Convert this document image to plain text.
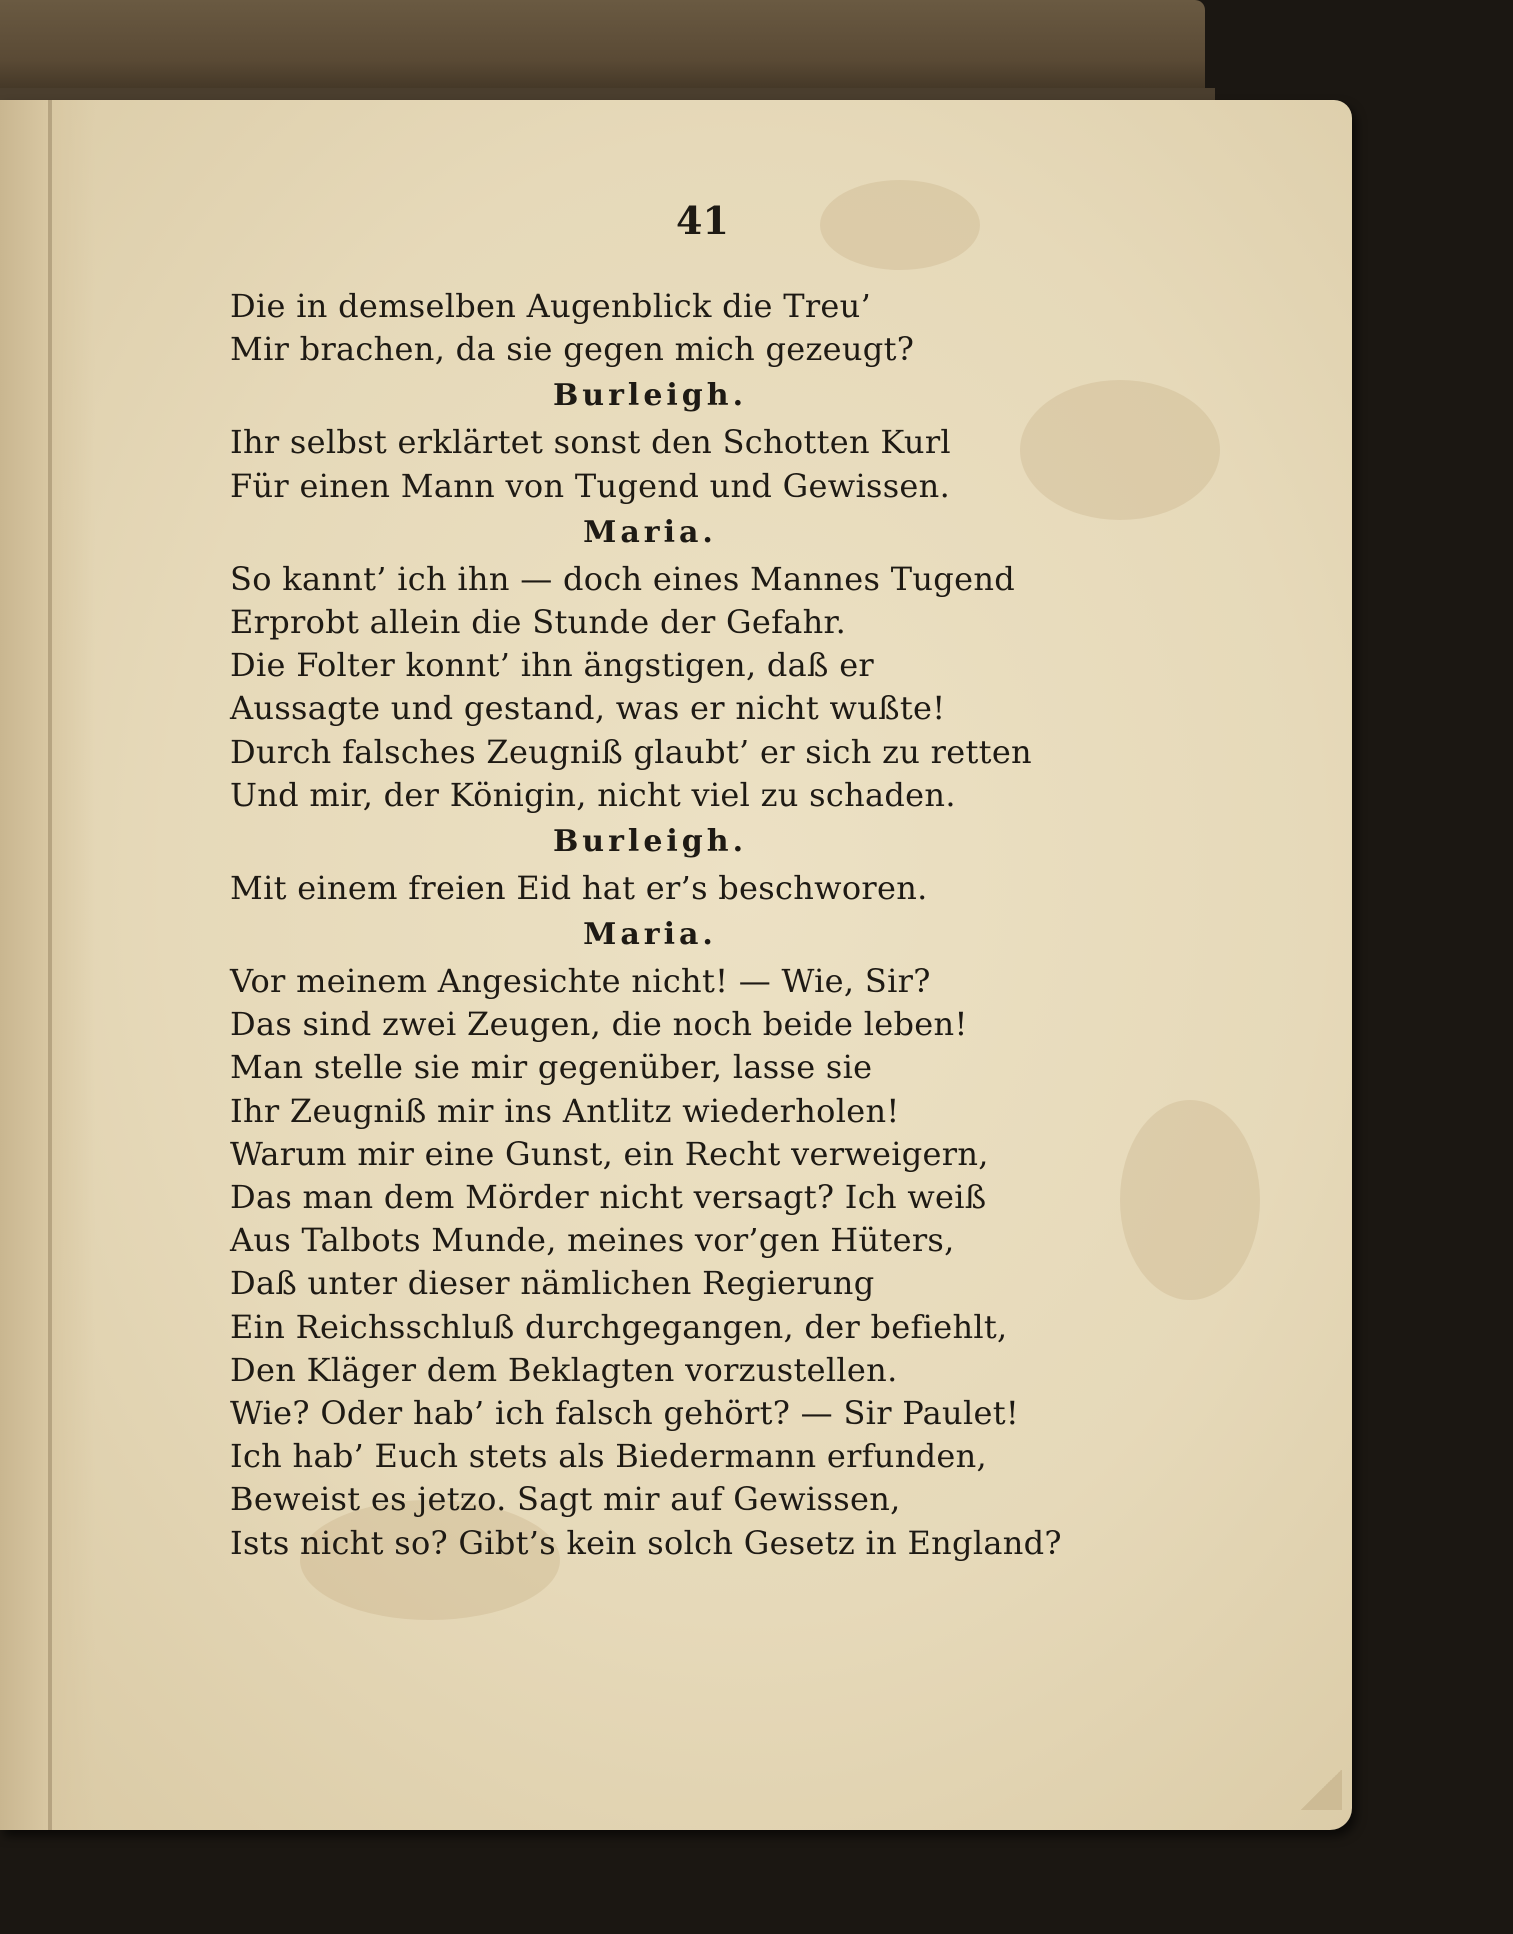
41
Die in demselben Augenblick die Treu’
Mir brachen, da sie gegen mich gezeugt?
Burleigh.
Ihr selbst erklärtet sonst den Schotten Kurl
Für einen Mann von Tugend und Gewissen.
Maria.
So kannt’ ich ihn — doch eines Mannes Tugend
Erprobt allein die Stunde der Gefahr.
Die Folter konnt’ ihn ängstigen, daß er
Aussagte und gestand, was er nicht wußte!
Durch falsches Zeugniß glaubt’ er sich zu retten
Und mir, der Königin, nicht viel zu schaden.
Burleigh.
Mit einem freien Eid hat er’s beschworen.
Maria.
Vor meinem Angesichte nicht! — Wie, Sir?
Das sind zwei Zeugen, die noch beide leben!
Man stelle sie mir gegenüber, lasse sie
Ihr Zeugniß mir ins Antlitz wiederholen!
Warum mir eine Gunst, ein Recht verweigern,
Das man dem Mörder nicht versagt? Ich weiß
Aus Talbots Munde, meines vor’gen Hüters,
Daß unter dieser nämlichen Regierung
Ein Reichsschluß durchgegangen, der befiehlt,
Den Kläger dem Beklagten vorzustellen.
Wie? Oder hab’ ich falsch gehört? — Sir Paulet!
Ich hab’ Euch stets als Biedermann erfunden,
Beweist es jetzo. Sagt mir auf Gewissen,
Ists nicht so? Gibt’s kein solch Gesetz in England?
